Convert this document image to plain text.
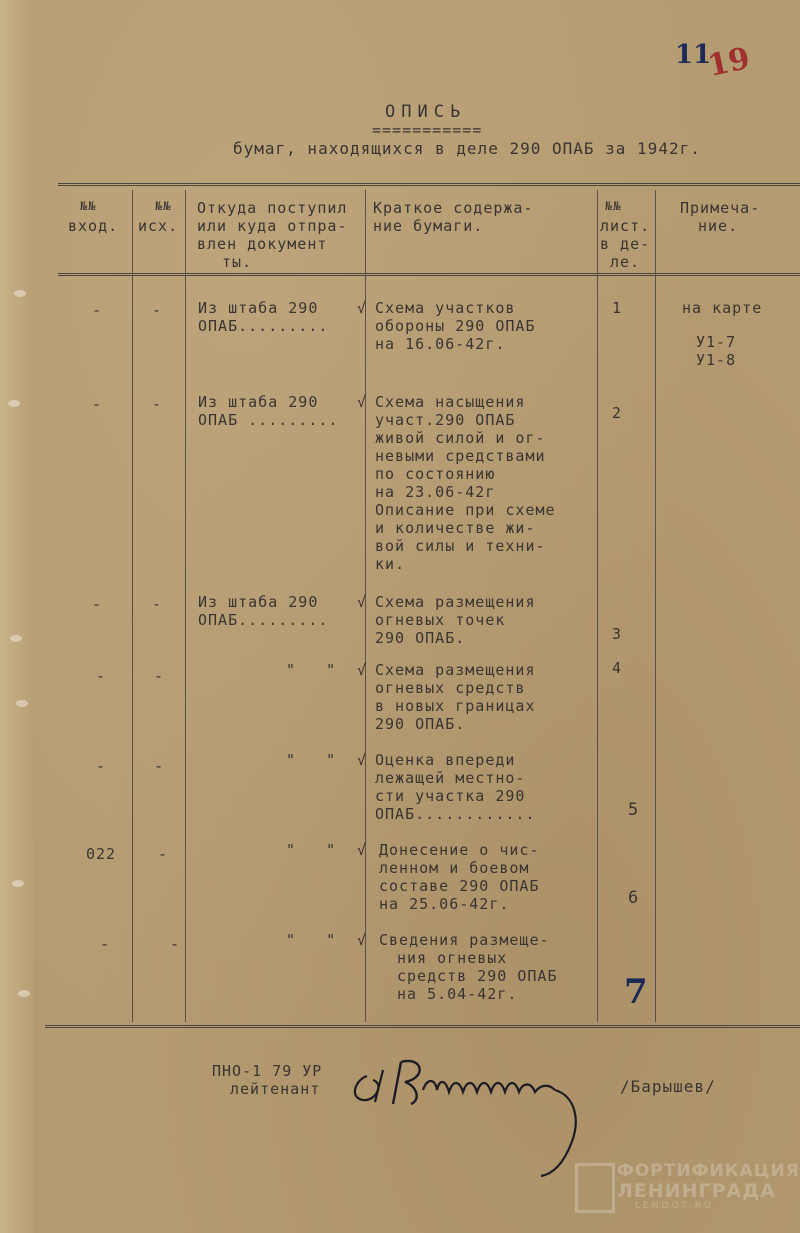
11
19
ОПИСЬ
===========
бумаг, находящихся в деле 290 ОПАБ за 1942г.
№№
вход.
№№
исх.
Откуда поступил
или куда отпра-
влен документ
ты.
Краткое содержа-
ние бумаги.
№№
лист.
в де-
ле.
Примеча-
ние.
-	- Из штаба 290
ОПАБ.........
√ Схема участков
обороны 290 ОПАБ
на 16.06-42г.
1	на карте
У1-7
У1-8
-	- Из штаба 290
ОПАБ .........
√ Схема насыщения
участ.290 ОПАБ
живой силой и ог-
невыми средствами
по состоянию
на 23.06-42г
Описание при схеме
и количестве жи-
вой силы и техни-
ки.
2
-	- Из штаба 290
ОПАБ.........
√ Схема размещения
огневых точек
290 ОПАБ.	3
-	-	"   " √ Схема размещения
огневых средств
в новых границах
290 ОПАБ.
4
-	-	"   " √ Оценка впереди
лежащей местно-
сти участка 290
ОПАБ............	5
022	-	"   " √ Донесение о чис-
ленном и боевом
составе 290 ОПАБ
на 25.06-42г.	6
-	-	"   " √ Сведения размеще-
ния огневых
средств 290 ОПАБ
на 5.04-42г.	7
ПНО-1 79 УР
лейтенант	/Барышев/
ФОРТИФИКАЦИЯ
ЛЕНИНГРАДА
LENDOT.RU
